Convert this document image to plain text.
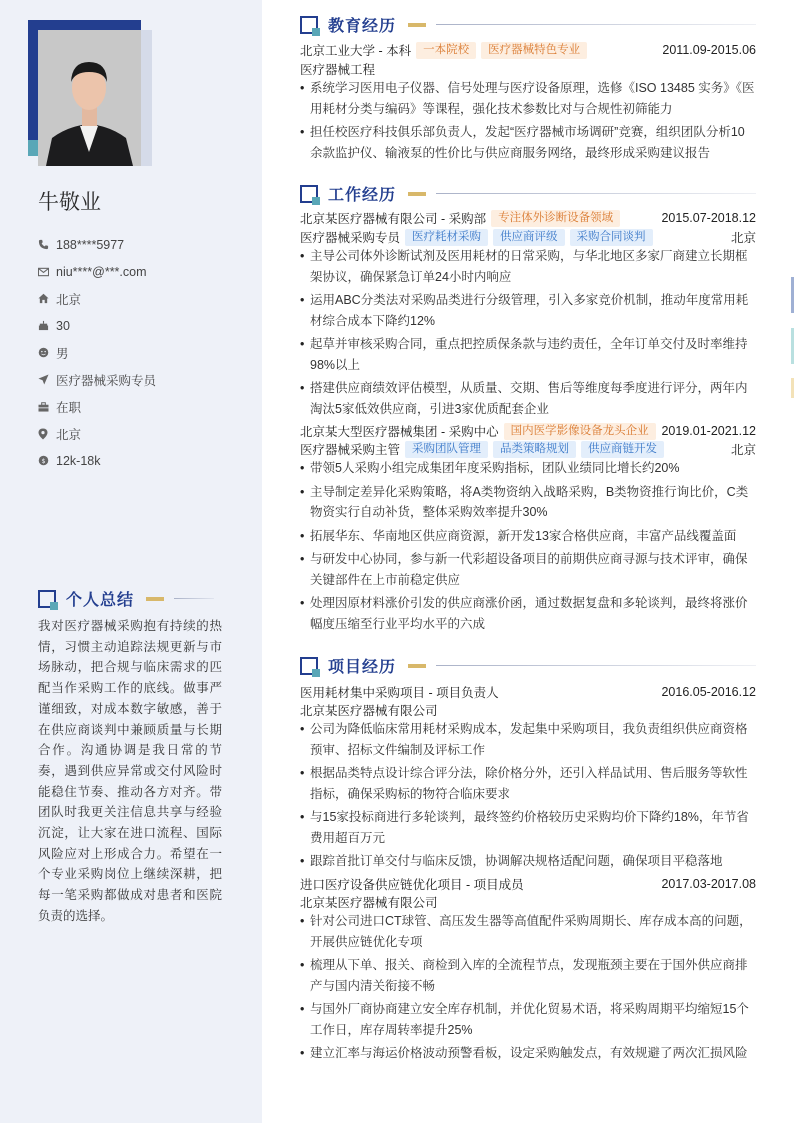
牛敬业
188****5977
niu****@***.com
北京
30
男
医疗器械采购专员
在职
北京
$ 12k-18k
个人总结
我对医疗器械采购抱有持续的热情，习惯主动追踪法规更新与市场脉动，把合规与临床需求的匹配当作采购工作的底线。做事严谨细致，对成本数字敏感，善于在供应商谈判中兼顾质量与长期合作。沟通协调是我日常的节奏，遇到供应异常或交付风险时能稳住节奏、推动各方对齐。带团队时我更关注信息共享与经验沉淀，让大家在进口流程、国际风险应对上形成合力。希望在一个专业采购岗位上继续深耕，把每一笔采购都做成对患者和医院负责的选择。
教育经历
北京工业大学 - 本科	一本院校	医疗器械特色专业	2011.09-2015.06
医疗器械工程
• 系统学习医用电子仪器、信号处理与医疗设备原理，选修《ISO 13485 实务》《医用耗材分类与编码》等课程，强化技术参数比对与合规性初筛能力
• 担任校医疗科技俱乐部负责人，发起“医疗器械市场调研”竞赛，组织团队分析10余款监护仪、输液泵的性价比与供应商服务网络，最终形成采购建议报告
工作经历
北京某医疗器械有限公司 - 采购部	专注体外诊断设备领域	2015.07-2018.12
医疗器械采购专员	医疗耗材采购	供应商评级	采购合同谈判	北京
• 主导公司体外诊断试剂及医用耗材的日常采购，与华北地区多家厂商建立长期框架协议，确保紧急订单24小时内响应
• 运用ABC分类法对采购品类进行分级管理，引入多家竞价机制，推动年度常用耗材综合成本下降约12%
• 起草并审核采购合同，重点把控质保条款与违约责任，全年订单交付及时率维持98%以上
• 搭建供应商绩效评估模型，从质量、交期、售后等维度每季度进行评分，两年内淘汰5家低效供应商，引进3家优质配套企业
北京某大型医疗器械集团 - 采购中心	国内医学影像设备龙头企业	2019.01-2021.12
医疗器械采购主管	采购团队管理	品类策略规划	供应商链开发	北京
• 带领5人采购小组完成集团年度采购指标，团队业绩同比增长约20%
• 主导制定差异化采购策略，将A类物资纳入战略采购，B类物资推行询比价，C类物资实行自动补货，整体采购效率提升30%
• 拓展华东、华南地区供应商资源，新开发13家合格供应商，丰富产品线覆盖面
• 与研发中心协同，参与新一代彩超设备项目的前期供应商寻源与技术评审，确保关键部件在上市前稳定供应
• 处理因原材料涨价引发的供应商涨价函，通过数据复盘和多轮谈判，最终将涨价幅度压缩至行业平均水平的六成
项目经历
医用耗材集中采购项目 - 项目负责人	2016.05-2016.12
北京某医疗器械有限公司
• 公司为降低临床常用耗材采购成本，发起集中采购项目，我负责组织供应商资格预审、招标文件编制及评标工作
• 根据品类特点设计综合评分法，除价格分外，还引入样品试用、售后服务等软性指标，确保采购标的物符合临床要求
• 与15家投标商进行多轮谈判，最终签约价格较历史采购均价下降约18%，年节省费用超百万元
• 跟踪首批订单交付与临床反馈，协调解决规格适配问题，确保项目平稳落地
进口医疗设备供应链优化项目 - 项目成员	2017.03-2017.08
北京某医疗器械有限公司
• 针对公司进口CT球管、高压发生器等高值配件采购周期长、库存成本高的问题，开展供应链优化专项
• 梳理从下单、报关、商检到入库的全流程节点，发现瓶颈主要在于国外供应商排产与国内清关衔接不畅
• 与国外厂商协商建立安全库存机制，并优化贸易术语，将采购周期平均缩短15个工作日，库存周转率提升25%
• 建立汇率与海运价格波动预警看板，设定采购触发点，有效规避了两次汇损风险
